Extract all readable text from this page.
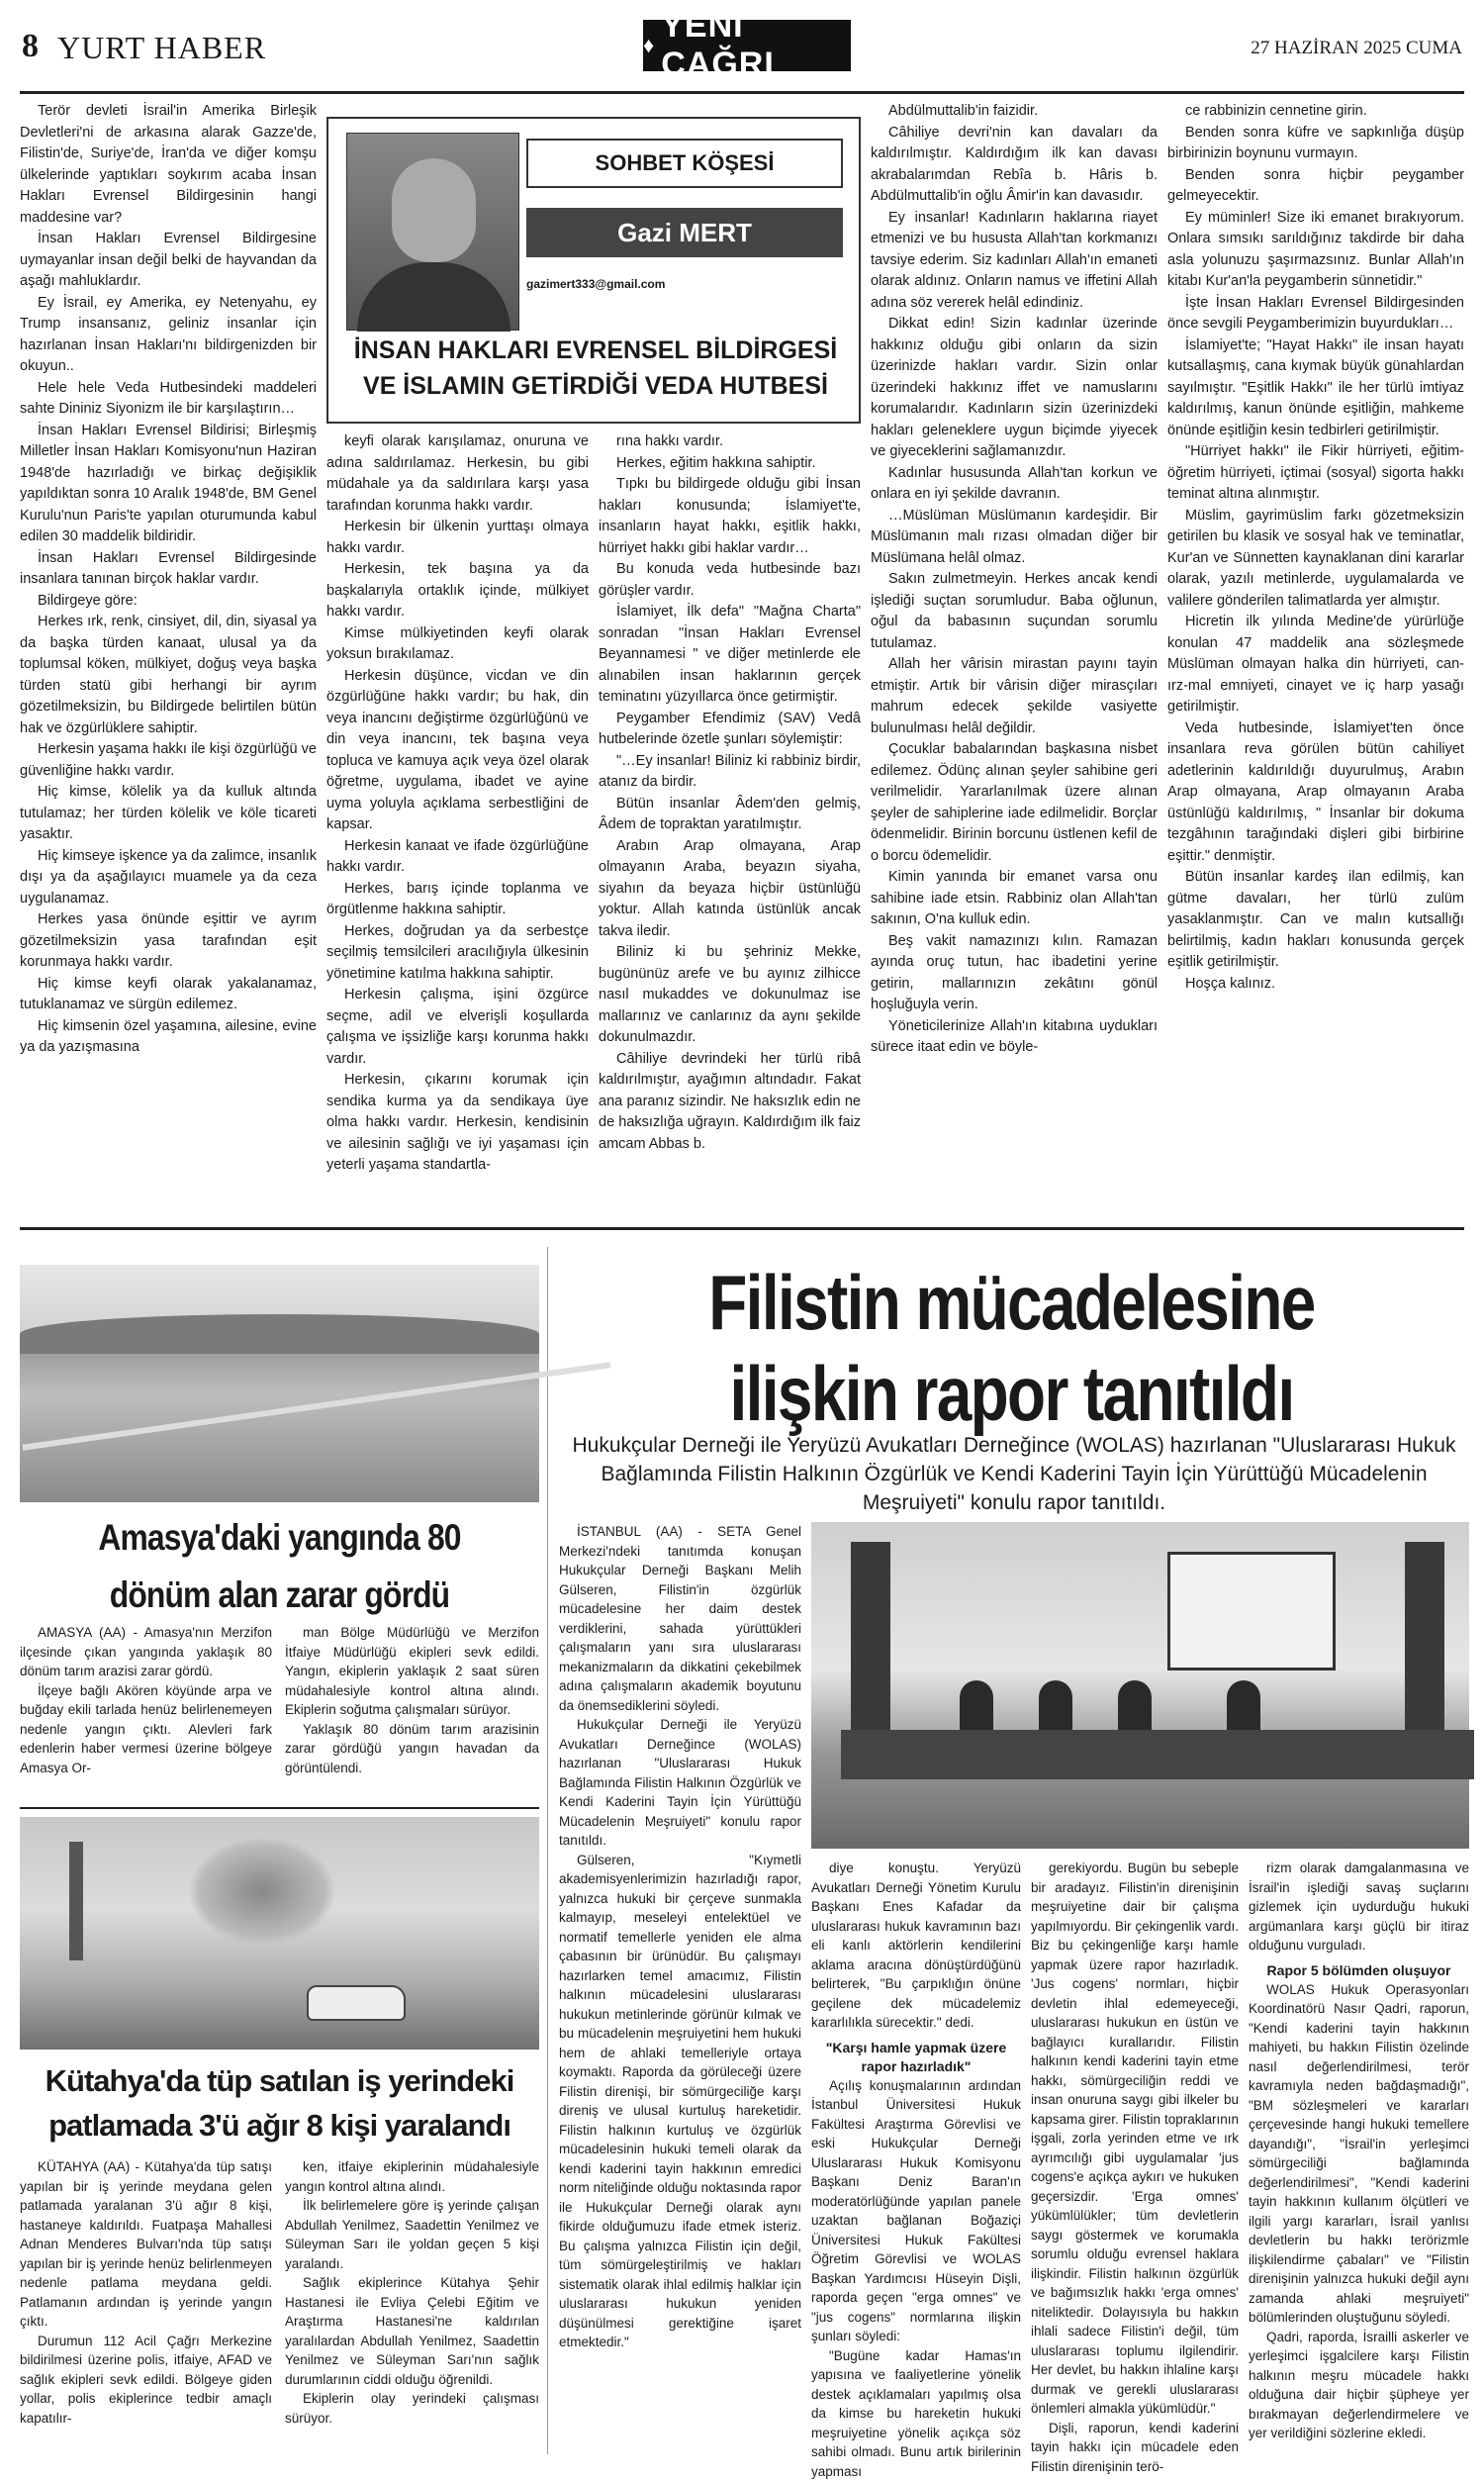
8 YURT HABER	♦
YENİ ÇAĞRI	27 HAZİRAN 2025 CUMA
SOHBET KÖŞESİ
Gazi MERT
gazimert333@gmail.com
İNSAN HAKLARI EVRENSEL BİLDİRGESİ VE İSLAMIN GETİRDİĞİ VEDA HUTBESİ

Terör devleti İsrail'in Amerika Birleşik Devletleri'ni de arkasına alarak Gazze'de, Filistin'de, Suriye'de, İran'da ve diğer komşu ülkelerinde yaptıkları soykırım acaba İnsan Hakları Evrensel Bildirgesinin hangi maddesine var?

İnsan Hakları Evrensel Bildirgesine uymayanlar insan değil belki de hayvandan da aşağı mahluklardır.

Ey İsrail, ey Amerika, ey Netenyahu, ey Trump insansanız, geliniz insanlar için hazırlanan İnsan Hakları'nı bildirgenizden bir okuyun..

Hele hele Veda Hutbesindeki maddeleri sahte Dininiz Siyonizm ile bir karşılaştırın…

İnsan Hakları Evrensel Bildirisi; Birleşmiş Milletler İnsan Hakları Komisyonu'nun Haziran 1948'de hazırladığı ve birkaç değişiklik yapıldıktan sonra 10 Aralık 1948'de, BM Genel Kurulu'nun Paris'te yapılan oturumunda kabul edilen 30 maddelik bildiridir.

İnsan Hakları Evrensel Bildirgesinde insanlara tanınan birçok haklar vardır.

Bildirgeye göre:

Herkes ırk, renk, cinsiyet, dil, din, siyasal ya da başka türden kanaat, ulusal ya da toplumsal köken, mülkiyet, doğuş veya başka türden statü gibi herhangi bir ayrım gözetilmeksizin, bu Bildirgede belirtilen bütün hak ve özgürlüklere sahiptir.

Herkesin yaşama hakkı ile kişi özgürlüğü ve güvenliğine hakkı vardır.

Hiç kimse, kölelik ya da kulluk altında tutulamaz; her türden kölelik ve köle ticareti yasaktır.

Hiç kimseye işkence ya da zalimce, insanlık dışı ya da aşağılayıcı muamele ya da ceza uygulanamaz.

Herkes yasa önünde eşittir ve ayrım gözetilmeksizin yasa tarafından eşit korunmaya hakkı vardır.

Hiç kimse keyfi olarak yakalanamaz, tutuklanamaz ve sürgün edilemez.

Hiç kimsenin özel yaşamına, ailesine, evine ya da yazışmasına

keyfi olarak karışılamaz, onuruna ve adına saldırılamaz. Herkesin, bu gibi müdahale ya da saldırılara karşı yasa tarafından korunma hakkı vardır.

Herkesin bir ülkenin yurttaşı olmaya hakkı vardır.

Herkesin, tek başına ya da başkalarıyla ortaklık içinde, mülkiyet hakkı vardır.

Kimse mülkiyetinden keyfi olarak yoksun bırakılamaz.

Herkesin düşünce, vicdan ve din özgürlüğüne hakkı vardır; bu hak, din veya inancını değiştirme özgürlüğünü ve din veya inancını, tek başına veya topluca ve kamuya açık veya özel olarak öğretme, uygulama, ibadet ve ayine uyma yoluyla açıklama serbestliğini de kapsar.

Herkesin kanaat ve ifade özgürlüğüne hakkı vardır.

Herkes, barış içinde toplanma ve örgütlenme hakkına sahiptir.

Herkes, doğrudan ya da serbestçe seçilmiş temsilcileri aracılığıyla ülkesinin yönetimine katılma hakkına sahiptir.

Herkesin çalışma, işini özgürce seçme, adil ve elverişli koşullarda çalışma ve işsizliğe karşı korunma hakkı vardır.

Herkesin, çıkarını korumak için sendika kurma ya da sendikaya üye olma hakkı vardır. Herkesin, kendisinin ve ailesinin sağlığı ve iyi yaşaması için yeterli yaşama standartla-

rına hakkı vardır.

Herkes, eğitim hakkına sahiptir.

Tıpkı bu bildirgede olduğu gibi İnsan hakları konusunda; İslamiyet'te, insanların hayat hakkı, eşitlik hakkı, hürriyet hakkı gibi haklar vardır…

Bu konuda veda hutbesinde bazı görüşler vardır.

İslamiyet, İlk defa" "Mağna Charta" sonradan "İnsan Hakları Evrensel Beyannamesi " ve diğer metinlerde ele alınabilen insan haklarının gerçek teminatını yüzyıllarca önce getirmiştir.

Peygamber Efendimiz (SAV) Vedâ hutbelerinde özetle şunları söylemiştir:

"…Ey insanlar! Biliniz ki rabbiniz birdir, atanız da birdir.

Bütün insanlar Âdem'den gelmiş, Âdem de topraktan yaratılmıştır.

Arabın Arap olmayana, Arap olmayanın Araba, beyazın siyaha, siyahın da beyaza hiçbir üstünlüğü yoktur. Allah katında üstünlük ancak takva iledir.

Biliniz ki bu şehriniz Mekke, bugününüz arefe ve bu ayınız zilhicce nasıl mukaddes ve dokunulmaz ise mallarınız ve canlarınız da aynı şekilde dokunulmazdır.

Câhiliye devrindeki her türlü ribâ kaldırılmıştır, ayağımın altındadır. Fakat ana paranız sizindir. Ne haksızlık edin ne de haksızlığa uğrayın. Kaldırdığım ilk faiz amcam Abbas b.

Abdülmuttalib'in faizidir.

Câhiliye devri'nin kan davaları da kaldırılmıştır. Kaldırdığım ilk kan davası akrabalarımdan Rebîa b. Hâris b. Abdülmuttalib'in oğlu Âmir'in kan davasıdır.

Ey insanlar! Kadınların haklarına riayet etmenizi ve bu hususta Allah'tan korkmanızı tavsiye ederim. Siz kadınları Allah'ın emaneti olarak aldınız. Onların namus ve iffetini Allah adına söz vererek helâl edindiniz.

Dikkat edin! Sizin kadınlar üzerinde hakkınız olduğu gibi onların da sizin üzerinizde hakları vardır. Sizin onlar üzerindeki hakkınız iffet ve namuslarını korumalarıdır. Kadınların sizin üzerinizdeki hakları geleneklere uygun biçimde yiyecek ve giyeceklerini sağlamanızdır.

Kadınlar hususunda Allah'tan korkun ve onlara en iyi şekilde davranın.

…Müslüman Müslümanın kardeşidir. Bir Müslümanın malı rızası olmadan diğer bir Müslümana helâl olmaz.

Sakın zulmetmeyin. Herkes ancak kendi işlediği suçtan sorumludur. Baba oğlunun, oğul da babasının suçundan sorumlu tutulamaz.

Allah her vârisin mirastan payını tayin etmiştir. Artık bir vârisin diğer mirasçıları mahrum edecek şekilde vasiyette bulunulması helâl değildir.

Çocuklar babalarından başkasına nisbet edilemez. Ödünç alınan şeyler sahibine geri verilmelidir. Yararlanılmak üzere alınan şeyler de sahiplerine iade edilmelidir. Borçlar ödenmelidir. Birinin borcunu üstlenen kefil de o borcu ödemelidir.

Kimin yanında bir emanet varsa onu sahibine iade etsin. Rabbiniz olan Allah'tan sakının, O'na kulluk edin.

Beş vakit namazınızı kılın. Ramazan ayında oruç tutun, hac ibadetini yerine getirin, mallarınızın zekâtını gönül hoşluğuyla verin.

Yöneticilerinize Allah'ın kitabına uydukları sürece itaat edin ve böyle-

ce rabbinizin cennetine girin.

Benden sonra küfre ve sapkınlığa düşüp birbirinizin boynunu vurmayın.

Benden sonra hiçbir peygamber gelmeyecektir.

Ey müminler! Size iki emanet bırakıyorum. Onlara sımsıkı sarıldığınız takdirde bir daha asla yolunuzu şaşırmazsınız. Bunlar Allah'ın kitabı Kur'an'la peygamberin sünnetidir."

İşte İnsan Hakları Evrensel Bildirgesinden önce sevgili Peygamberimizin buyurdukları…

İslamiyet'te; "Hayat Hakkı" ile insan hayatı kutsallaşmış, cana kıymak büyük günahlardan sayılmıştır. "Eşitlik Hakkı" ile her türlü imtiyaz kaldırılmış, kanun önünde eşitliğin, mahkeme önünde eşitliğin kesin tedbirleri getirilmiştir.

"Hürriyet hakkı" ile Fikir hürriyeti, eğitim-öğretim hürriyeti, içtimai (sosyal) sigorta hakkı teminat altına alınmıştır.

Müslim, gayrimüslim farkı gözetmeksizin getirilen bu klasik ve sosyal hak ve teminatlar, Kur'an ve Sünnetten kaynaklanan dini kararlar olarak, yazılı metinlerde, uygulamalarda ve valilere gönderilen talimatlarda yer almıştır.

Hicretin ilk yılında Medine'de yürürlüğe konulan 47 maddelik ana sözleşmede Müslüman olmayan halka din hürriyeti, can-ırz-mal emniyeti, cinayet ve iç harp yasağı getirilmiştir.

Veda hutbesinde, İslamiyet'ten önce insanlara reva görülen bütün cahiliyet adetlerinin kaldırıldığı duyurulmuş, Arabın Arap olmayana, Arap olmayanın Araba üstünlüğü kaldırılmış, " İnsanlar bir dokuma tezgâhının tarağındaki dişleri gibi birbirine eşittir." denmiştir.

Bütün insanlar kardeş ilan edilmiş, kan gütme davaları, her türlü zulüm yasaklanmıştır. Can ve malın kutsallığı belirtilmiş, kadın hakları konusunda gerçek eşitlik getirilmiştir.

Hoşça kalınız.

Amasya'daki yangında 80 dönüm alan zarar gördü

AMASYA (AA) - Amasya'nın Merzifon ilçesinde çıkan yangında yaklaşık 80 dönüm tarım arazisi zarar gördü.

İlçeye bağlı Akören köyünde arpa ve buğday ekili tarlada henüz belirlenemeyen nedenle yangın çıktı. Alevleri fark edenlerin haber vermesi üzerine bölgeye Amasya Or-

man Bölge Müdürlüğü ve Merzifon İtfaiye Müdürlüğü ekipleri sevk edildi. Yangın, ekiplerin yaklaşık 2 saat süren müdahalesiyle kontrol altına alındı. Ekiplerin soğutma çalışmaları sürüyor.

Yaklaşık 80 dönüm tarım arazisinin zarar gördüğü yangın havadan da görüntülendi.

Kütahya'da tüp satılan iş yerindeki patlamada 3'ü ağır 8 kişi yaralandı

KÜTAHYA (AA) - Kütahya'da tüp satışı yapılan bir iş yerinde meydana gelen patlamada yaralanan 3'ü ağır 8 kişi, hastaneye kaldırıldı. Fuatpaşa Mahallesi Adnan Menderes Bulvarı'nda tüp satışı yapılan bir iş yerinde henüz belirlenmeyen nedenle patlama meydana geldi. Patlamanın ardından iş yerinde yangın çıktı.

Durumun 112 Acil Çağrı Merkezine bildirilmesi üzerine polis, itfaiye, AFAD ve sağlık ekipleri sevk edildi. Bölgeye giden yollar, polis ekiplerince tedbir amaçlı kapatılır-

ken, itfaiye ekiplerinin müdahalesiyle yangın kontrol altına alındı.

İlk belirlemelere göre iş yerinde çalışan Abdullah Yenilmez, Saadettin Yenilmez ve Süleyman Sarı ile yoldan geçen 5 kişi yaralandı.

Sağlık ekiplerince Kütahya Şehir Hastanesi ile Evliya Çelebi Eğitim ve Araştırma Hastanesi'ne kaldırılan yaralılardan Abdullah Yenilmez, Saadettin Yenilmez ve Süleyman Sarı'nın sağlık durumlarının ciddi olduğu öğrenildi.

Ekiplerin olay yerindeki çalışması sürüyor.

Filistin mücadelesine ilişkin rapor tanıtıldı
Hukukçular Derneği ile Yeryüzü Avukatları Derneğince (WOLAS) hazırlanan "Uluslararası Hukuk Bağlamında Filistin Halkının Özgürlük ve Kendi Kaderini Tayin İçin Yürüttüğü Mücadelenin Meşruiyeti" konulu rapor tanıtıldı.

İSTANBUL (AA) - SETA Genel Merkezi'ndeki tanıtımda konuşan Hukukçular Derneği Başkanı Melih Gülseren, Filistin'in özgürlük mücadelesine her daim destek verdiklerini, sahada yürüttükleri çalışmaların yanı sıra uluslararası mekanizmaların da dikkatini çekebilmek adına çalışmaların akademik boyutunu da önemsediklerini söyledi.

Hukukçular Derneği ile Yeryüzü Avukatları Derneğince (WOLAS) hazırlanan "Uluslararası Hukuk Bağlamında Filistin Halkının Özgürlük ve Kendi Kaderini Tayin İçin Yürüttüğü Mücadelenin Meşruiyeti" konulu rapor tanıtıldı.

Gülseren, "Kıymetli akademisyenlerimizin hazırladığı rapor, yalnızca hukuki bir çerçeve sunmakla kalmayıp, meseleyi entelektüel ve normatif temellerle yeniden ele alma çabasının bir ürünüdür. Bu çalışmayı hazırlarken temel amacımız, Filistin halkının mücadelesini uluslararası hukukun metinlerinde görünür kılmak ve bu mücadelenin meşruiyetini hem hukuki hem de ahlaki temelleriyle ortaya koymaktı. Raporda da görüleceği üzere Filistin direnişi, bir sömürgeciliğe karşı direniş ve ulusal kurtuluş hareketidir. Filistin halkının kurtuluş ve özgürlük mücadelesinin hukuki temeli olarak da kendi kaderini tayin hakkının emredici norm niteliğinde olduğu noktasında rapor ile Hukukçular Derneği olarak aynı fikirde olduğumuzu ifade etmek isteriz. Bu çalışma yalnızca Filistin için değil, tüm sömürgeleştirilmiş ve hakları sistematik olarak ihlal edilmiş halklar için uluslararası hukukun yeniden düşünülmesi gerektiğine işaret etmektedir."

diye konuştu. Yeryüzü Avukatları Derneği Yönetim Kurulu Başkanı Enes Kafadar da uluslararası hukuk kavramının bazı eli kanlı aktörlerin kendilerini aklama aracına dönüştürdüğünü belirterek, "Bu çarpıklığın önüne geçilene dek mücadelemiz kararlılıkla sürecektir." dedi.

"Karşı hamle yapmak üzere rapor hazırladık"

Açılış konuşmalarının ardından İstanbul Üniversitesi Hukuk Fakültesi Araştırma Görevlisi ve eski Hukukçular Derneği Uluslararası Hukuk Komisyonu Başkanı Deniz Baran'ın moderatörlüğünde yapılan panele uzaktan bağlanan Boğaziçi Üniversitesi Hukuk Fakültesi Öğretim Görevlisi ve WOLAS Başkan Yardımcısı Hüseyin Dişli, raporda geçen "erga omnes" ve "jus cogens" normlarına ilişkin şunları söyledi:

"Bugüne kadar Hamas'ın yapısına ve faaliyetlerine yönelik destek açıklamaları yapılmış olsa da kimse bu hareketin hukuki meşruiyetine yönelik açıkça söz sahibi olmadı. Bunu artık birilerinin yapması

gerekiyordu. Bugün bu sebeple bir aradayız. Filistin'in direnişinin meşruiyetine dair bir çalışma yapılmıyordu. Bir çekingenlik vardı. Biz bu çekingenliğe karşı hamle yapmak üzere rapor hazırladık. 'Jus cogens' normları, hiçbir devletin ihlal edemeyeceği, uluslararası hukukun en üstün ve bağlayıcı kurallarıdır. Filistin halkının kendi kaderini tayin etme hakkı, sömürgeciliğin reddi ve insan onuruna saygı gibi ilkeler bu kapsama girer. Filistin topraklarının işgali, zorla yerinden etme ve ırk ayrımcılığı gibi uygulamalar 'jus cogens'e açıkça aykırı ve hukuken geçersizdir. 'Erga omnes' yükümlülükler; tüm devletlerin saygı göstermek ve korumakla sorumlu olduğu evrensel haklara ilişkindir. Filistin halkının özgürlük ve bağımsızlık hakkı 'erga omnes' niteliktedir. Dolayısıyla bu hakkın ihlali sadece Filistin'i değil, tüm uluslararası toplumu ilgilendirir. Her devlet, bu hakkın ihlaline karşı durmak ve gerekli uluslararası önlemleri almakla yükümlüdür."

Dişli, raporun, kendi kaderini tayin hakkı için mücadele eden Filistin direnişinin terö-

rizm olarak damgalanmasına ve İsrail'in işlediği savaş suçlarını gizlemek için uydurduğu hukuki argümanlara karşı güçlü bir itiraz olduğunu vurguladı.

Rapor 5 bölümden oluşuyor

WOLAS Hukuk Operasyonları Koordinatörü Nasır Qadri, raporun, "Kendi kaderini tayin hakkının mahiyeti, bu hakkın Filistin özelinde nasıl değerlendirilmesi, terör kavramıyla neden bağdaşmadığı", "BM sözleşmeleri ve kararları çerçevesinde hangi hukuki temellere dayandığı", "İsrail'in yerleşimci sömürgeciliği bağlamında değerlendirilmesi", "Kendi kaderini tayin hakkının kullanım ölçütleri ve ilgili yargı kararları, İsrail yanlısı devletlerin bu hakkı terörizmle ilişkilendirme çabaları" ve "Filistin direnişinin yalnızca hukuki değil aynı zamanda ahlaki meşruiyeti" bölümlerinden oluştuğunu söyledi.

Qadri, raporda, İsrailli askerler ve yerleşimci işgalcilere karşı Filistin halkının meşru mücadele hakkı olduğuna dair hiçbir şüpheye yer bırakmayan değerlendirmelere ve yer verildiğini sözlerine ekledi.
